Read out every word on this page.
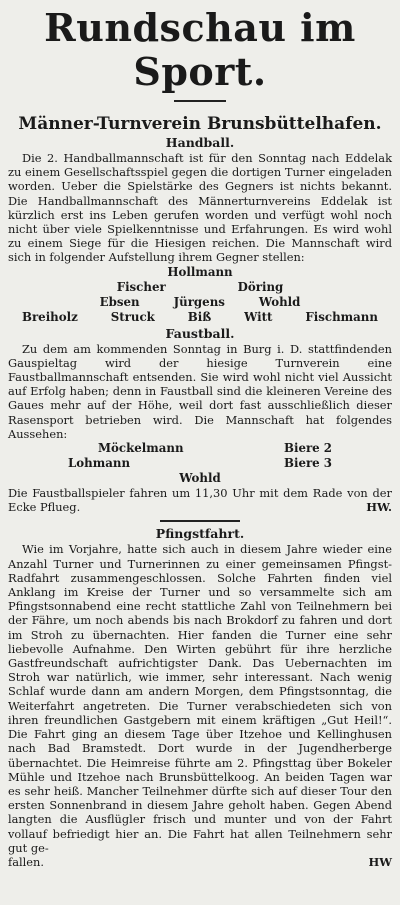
Rundschau im Sport.
Männer-Turnverein Brunsbüttelhafen.
Handball.

Die 2. Handballmannschaft ist für den Sonntag nach Eddelak zu einem Gesellschaftsspiel gegen die dortigen Turner eingeladen worden. Ueber die Spielstärke des Gegners ist nichts bekannt. Die Handballmannschaft des Männerturnvereins Eddelak ist kürzlich erst ins Leben gerufen worden und verfügt wohl noch nicht über viele Spielkenntnisse und Erfahrungen. Es wird wohl zu einem Siege für die Hiesigen reichen. Die Mannschaft wird sich in folgender Aufstellung ihrem Gegner stellen:

Hollmann
Fischer	Döring
Ebsen	Jürgens	Wohld
Breiholz	Struck	Biß	Witt	Fischmann
Faustball.

Zu dem am kommenden Sonntag in Burg i. D. stattfindenden Gauspieltag wird der hiesige Turnverein eine Faustballmannschaft entsenden. Sie wird wohl nicht viel Aussicht auf Erfolg haben; denn in Faustball sind die kleineren Vereine des Gaues mehr auf der Höhe, weil dort fast ausschließlich dieser Rasensport betrieben wird. Die Mannschaft hat folgendes Aussehen:

Möckelmann	Biere 2
Lohmann	Biere 3
Wohld

Die Faustballspieler fahren um 11,30 Uhr mit dem Rade von der Ecke Pflueg.	HW.
Pfingstfahrt.

Wie im Vorjahre, hatte sich auch in diesem Jahre wieder eine Anzahl Turner und Turnerinnen zu einer gemeinsamen Pfingst-Radfahrt zusammengeschlossen. Solche Fahrten finden viel Anklang im Kreise der Turner und so versammelte sich am Pfingstsonnabend eine recht stattliche Zahl von Teilnehmern bei der Fähre, um noch abends bis nach Brokdorf zu fahren und dort im Stroh zu übernachten. Hier fanden die Turner eine sehr liebevolle Aufnahme. Den Wirten gebührt für ihre herzliche Gastfreundschaft aufrichtigster Dank. Das Uebernachten im Stroh war natürlich, wie immer, sehr interessant. Nach wenig Schlaf wurde dann am andern Morgen, dem Pfingstsonntag, die Weiterfahrt angetreten. Die Turner verabschiedeten sich von ihren freundlichen Gastgebern mit einem kräftigen „Gut Heil!“. Die Fahrt ging an diesem Tage über Itzehoe und Kellinghusen nach Bad Bramstedt. Dort wurde in der Jugendherberge übernachtet. Die Heimreise führte am 2. Pfingsttag über Bokeler Mühle und Itzehoe nach Brunsbüttelkoog. An beiden Tagen war es sehr heiß. Mancher Teilnehmer dürfte sich auf dieser Tour den ersten Sonnenbrand in diesem Jahre geholt haben. Gegen Abend langten die Ausflügler frisch und munter und von der Fahrt vollauf befriedigt hier an. Die Fahrt hat allen Teilnehmern sehr gut ge-

fallen.	HW
